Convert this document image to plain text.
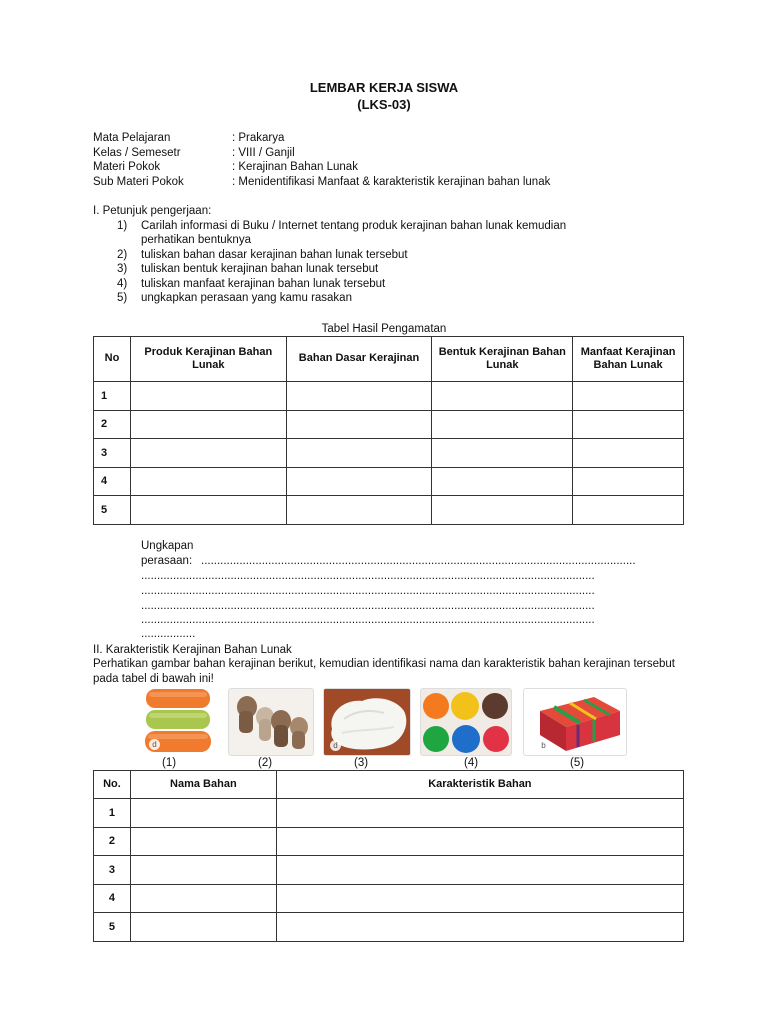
LEMBAR KERJA SISWA
(LKS-03)
Mata Pelajaran	: Prakarya
Kelas / Semesetr	: VIII / Ganjil
Materi Pokok	: Kerajinan Bahan Lunak
Sub Materi Pokok	: Menidentifikasi Manfaat & karakteristik kerajinan bahan lunak
I. Petunjuk pengerjaan:
1) Carilah informasi di Buku / Internet tentang produk kerajinan bahan lunak kemudian
perhatikan bentuknya
2) tuliskan bahan dasar kerajinan bahan lunak tersebut
3) tuliskan bentuk kerajinan bahan lunak tersebut
4) tuliskan manfaat kerajinan bahan lunak tersebut
5) ungkapkan perasaan yang kamu rasakan
Tabel Hasil Pengamatan
No	Produk Kerajinan Bahan Lunak	Bahan Dasar Kerajinan	Bentuk Kerajinan Bahan Lunak	Manfaat Kerajinan Bahan Lunak
1				
2				
3				
4				
5				
Ungkapan
perasaan: ........................................................................................................................................
..............................................................................................................................................
..............................................................................................................................................
..............................................................................................................................................
..............................................................................................................................................
.................
II. Karakteristik Kerajinan Bahan Lunak
Perhatikan gambar bahan kerajinan berikut, kemudian identifikasi nama dan karakteristik bahan kerajinan tersebut pada tabel di bawah ini!
d	d	b
(1)	(2)	(3)	(4)	(5)
No.	Nama Bahan	Karakteristik Bahan
1		
2		
3		
4		
5		
